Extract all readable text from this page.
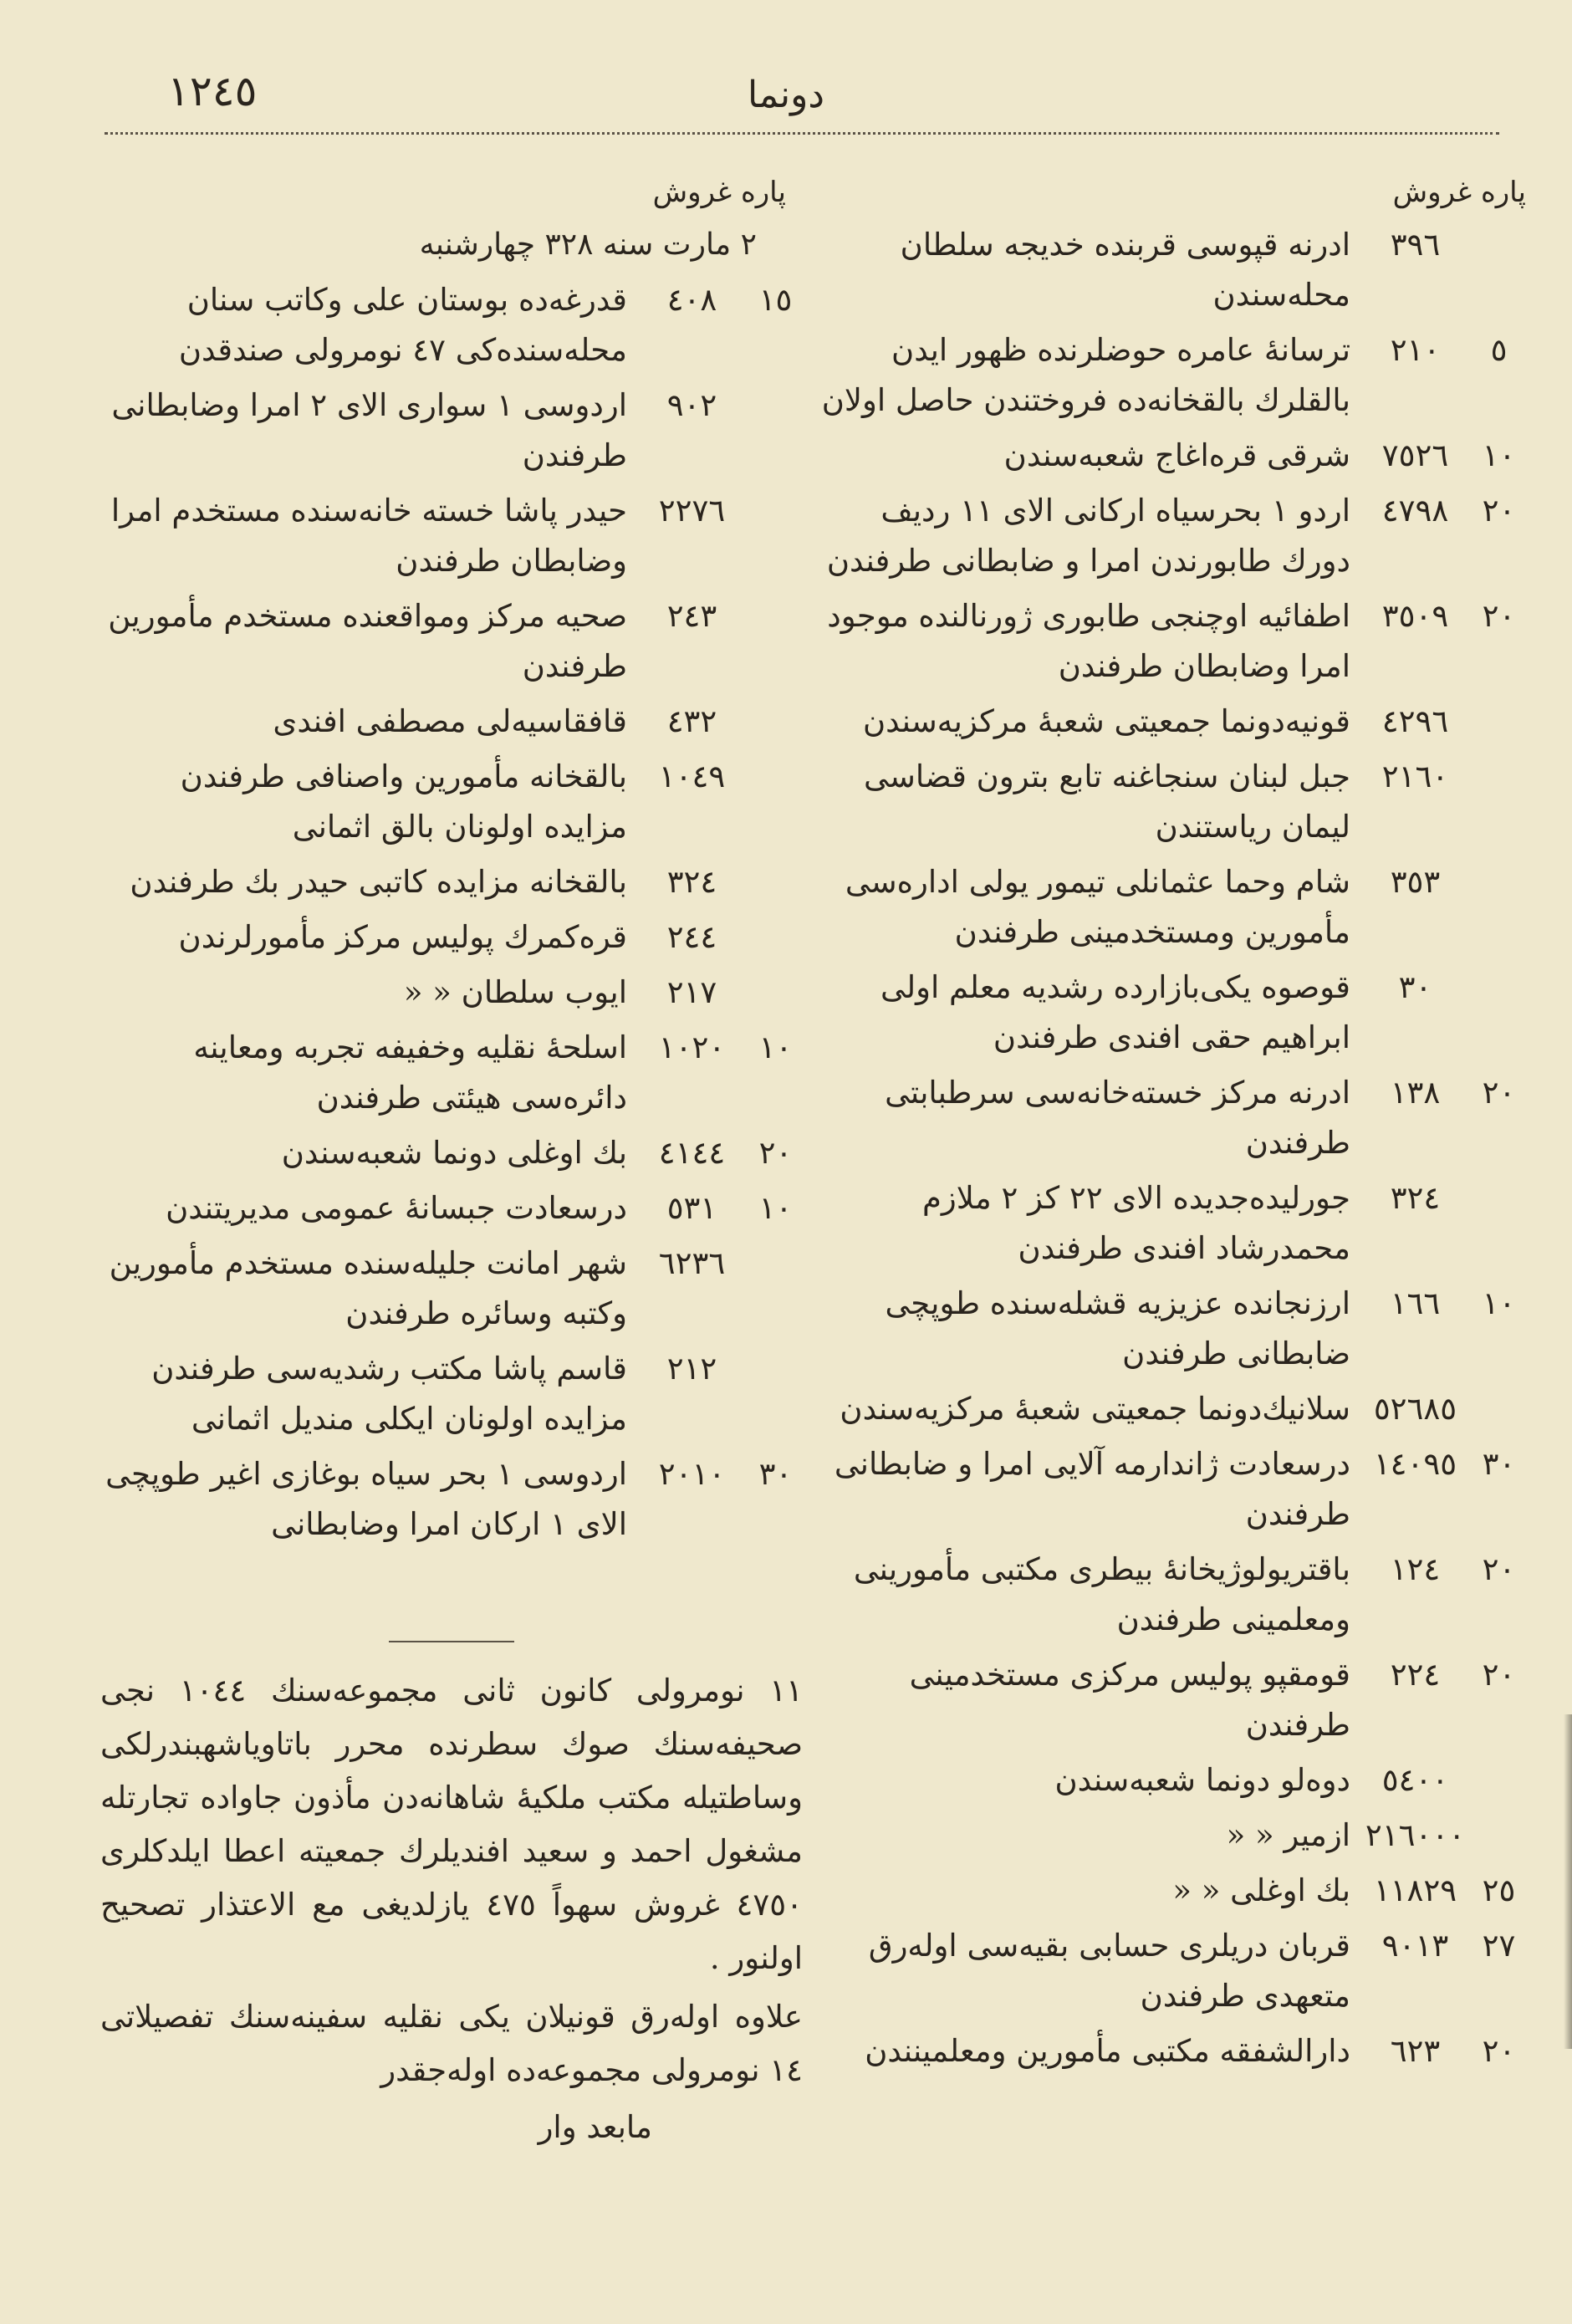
١٢٤٥	دونما
پاره غروش
٣٩٦
ادرنه قپوسی قربنده خدیجه سلطان محله‌سندن
٥
٢١٠
ترسانهٔ عامره حوضلرنده ظهور ایدن بالقلرك بالقخانه‌ده فروختندن حاصل اولان
١٠
٧٥٢٦
شرقی قره‌اغاج شعبه‌سندن
٢٠
٤٧٩٨
اردو ۱ بحرسیاه ارکانی الای ۱۱ ردیف دورك طابورندن امرا و ضابطانی طرفندن
٢٠
٣٥٠٩
اطفائیه اوچنجی طابوری ژورنالنده موجود امرا وضابطان طرفندن
٤٢٩٦
قونیه‌دونما جمعیتی شعبهٔ مرکزیه‌سندن
٢١٦٠
جبل لبنان سنجاغنه تابع بترون قضاسی لیمان ریاستندن
٣٥٣
شام وحما عثمانلی تیمور یولی اداره‌سی مأمورین ومستخدمینی طرفندن
٣٠
قوصوه یکی‌بازارده رشدیه معلم اولی ابراهیم حقی افندی طرفندن
٢٠
١٣٨
ادرنه مرکز خسته‌خانه‌سی سرطبابتی طرفندن
٣٢٤
جورلیده‌جدیده الای ۲۲ کز ۲ ملازم محمدرشاد افندی طرفندن
١٠
١٦٦
ارزنجانده عزیزیه قشله‌سنده طوپچی ضابطانی طرفندن
٥٢٦٨٥
سلانیك‌دونما جمعیتی شعبهٔ مرکزیه‌سندن
٣٠
١٤٠٩٥
درسعادت ژاندارمه آلایی امرا و ضابطانی طرفندن
٢٠
١٢٤
باقتریولوژیخانهٔ بیطری مکتبی مأمورینی ومعلمینی طرفندن
٢٠
٢٢٤
قومقپو پولیس مرکزی مستخدمینی طرفندن
٥٤٠٠
دوه‌لو دونما شعبه‌سندن
٢١٦٠٠٠
ازمیر « «
٢٥
١١٨٢٩
بك اوغلی « «
٢٧
٩٠١٣
قربان دریلری حسابی بقیه‌سی اوله‌رق متعهدی طرفندن
٢٠
٦٢٣
دارالشفقه مکتبی مأمورین ومعلمینندن
پاره غروش
۲ مارت سنه ۳۲۸ چهارشنبه
١٥
٤٠٨
قدرغه‌ده بوستان علی وکاتب سنان محله‌سنده‌کی ٤٧ نومرولی صندقدن
٩٠٢
اردوسی ۱ سواری الای ۲ امرا وضابطانی طرفندن
٢٢٧٦
حیدر پاشا خسته خانه‌سنده مستخدم امرا وضابطان طرفندن
٢٤٣
صحیه مرکز ومواقعنده مستخدم مأمورین طرفندن
٤٣٢
قافقاسیه‌لی مصطفی افندی
١٠٤٩
بالقخانه مأمورین واصنافی طرفندن مزایده اولونان بالق اثمانی
٣٢٤
بالقخانه مزایده کاتبی حیدر بك طرفندن
٢٤٤
قره‌کمرك پولیس مرکز مأمورلرندن
٢١٧
ایوب سلطان « «
١٠
١٠٢٠
اسلحهٔ نقلیه وخفیفه تجربه ومعاینه دائره‌سی هیئتی طرفندن
٢٠
٤١٤٤
بك اوغلی دونما شعبه‌سندن
١٠
٥٣١
درسعادت جبسانهٔ عمومی مدیریتندن
٦٢٣٦
شهر امانت جلیله‌سنده مستخدم مأمورین وکتبه وسائره طرفندن
٢١٢
قاسم پاشا مکتب رشدیه‌سی طرفندن مزایده اولونان ایکلی مندیل اثمانی
٣٠
٢٠١٠
اردوسی ۱ بحر سیاه بوغازی اغیر طوپچی الای ۱ ارکان امرا وضابطانی

۱۱ نومرولی کانون ثانی مجموعه‌سنك ۱۰٤٤ نجی صحیفه‌سنك صوك سطرنده محرر باتاویاشهبندرلکی وساطتیله مکتب ملکیهٔ شاهانه‌دن مأذون جاواده تجارتله مشغول احمد و سعید افندیلرك جمعیته اعطا ایلدکلری ٤٧٥٠ غروش سهواً ٤٧٥ یازلدیغی مع الاعتذار تصحیح اولنور .

علاوه اوله‌رق قونیلان یکی نقلیه سفینه‌سنك تفصیلاتی ۱٤ نومرولی مجموعه‌ده اوله‌جقدر

مابعد وار
